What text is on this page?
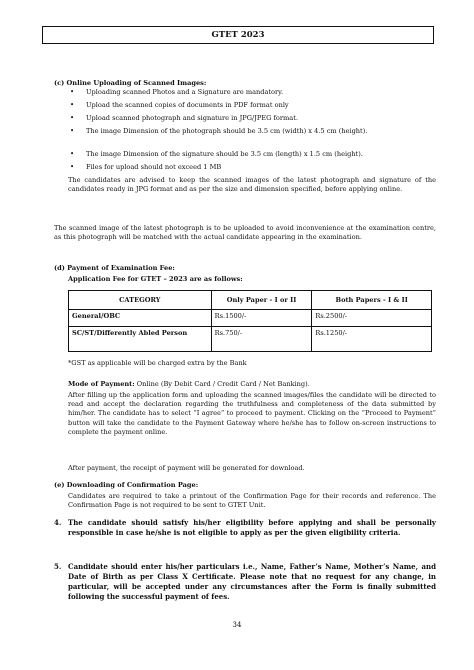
GTET 2023
(c) Online Uploading of Scanned Images:
• Uploading scanned Photos and a Signature are mandatory.
• Upload the scanned copies of documents in PDF format only
• Upload scanned photograph and signature in JPG/JPEG format.
• The image Dimension of the photograph should be 3.5 cm (width) x 4.5 cm (height).
• The image Dimension of the signature should be 3.5 cm (length) x 1.5 cm (height).
• Files for upload should not exceed 1 MB
The candidates are advised to keep the scanned images of the latest photograph and signature of the candidates ready in JPG format and as per the size and dimension specified, before applying online.
The scanned image of the latest photograph is to be uploaded to avoid inconvenience at the examination centre, as this photograph will be matched with the actual candidate appearing in the examination.
(d) Payment of Examination Fee:
Application Fee for GTET – 2023 are as follows:
CATEGORY	Only Paper - I or II	Both Papers - I & II
General/OBC	Rs.1500/-	Rs.2500/-
SC/ST/Differently Abled Person	Rs.750/-	Rs.1250/-
*GST as applicable will be charged extra by the Bank
Mode of Payment: Online (By Debit Card / Credit Card / Net Banking).
After filling up the application form and uploading the scanned images/files the candidate will be directed to read and accept the declaration regarding the truthfulness and completeness of the data submitted by him/her. The candidate has to select “I agree” to proceed to payment. Clicking on the “Proceed to Payment” button will take the candidate to the Payment Gateway where he/she has to follow on-screen instructions to complete the payment online.
After payment, the receipt of payment will be generated for download.
(e) Downloading of Confirmation Page:
Candidates are required to take a printout of the Confirmation Page for their records and reference. The Confirmation Page is not required to be sent to GTET Unit.
4. The candidate should satisfy his/her eligibility before applying and shall be personally responsible in case he/she is not eligible to apply as per the given eligibility criteria.
5. Candidate should enter his/her particulars i.e., Name, Father’s Name, Mother’s Name, and Date of Birth as per Class X Certificate. Please note that no request for any change, in particular, will be accepted under any circumstances after the Form is finally submitted following the successful payment of fees.
34
